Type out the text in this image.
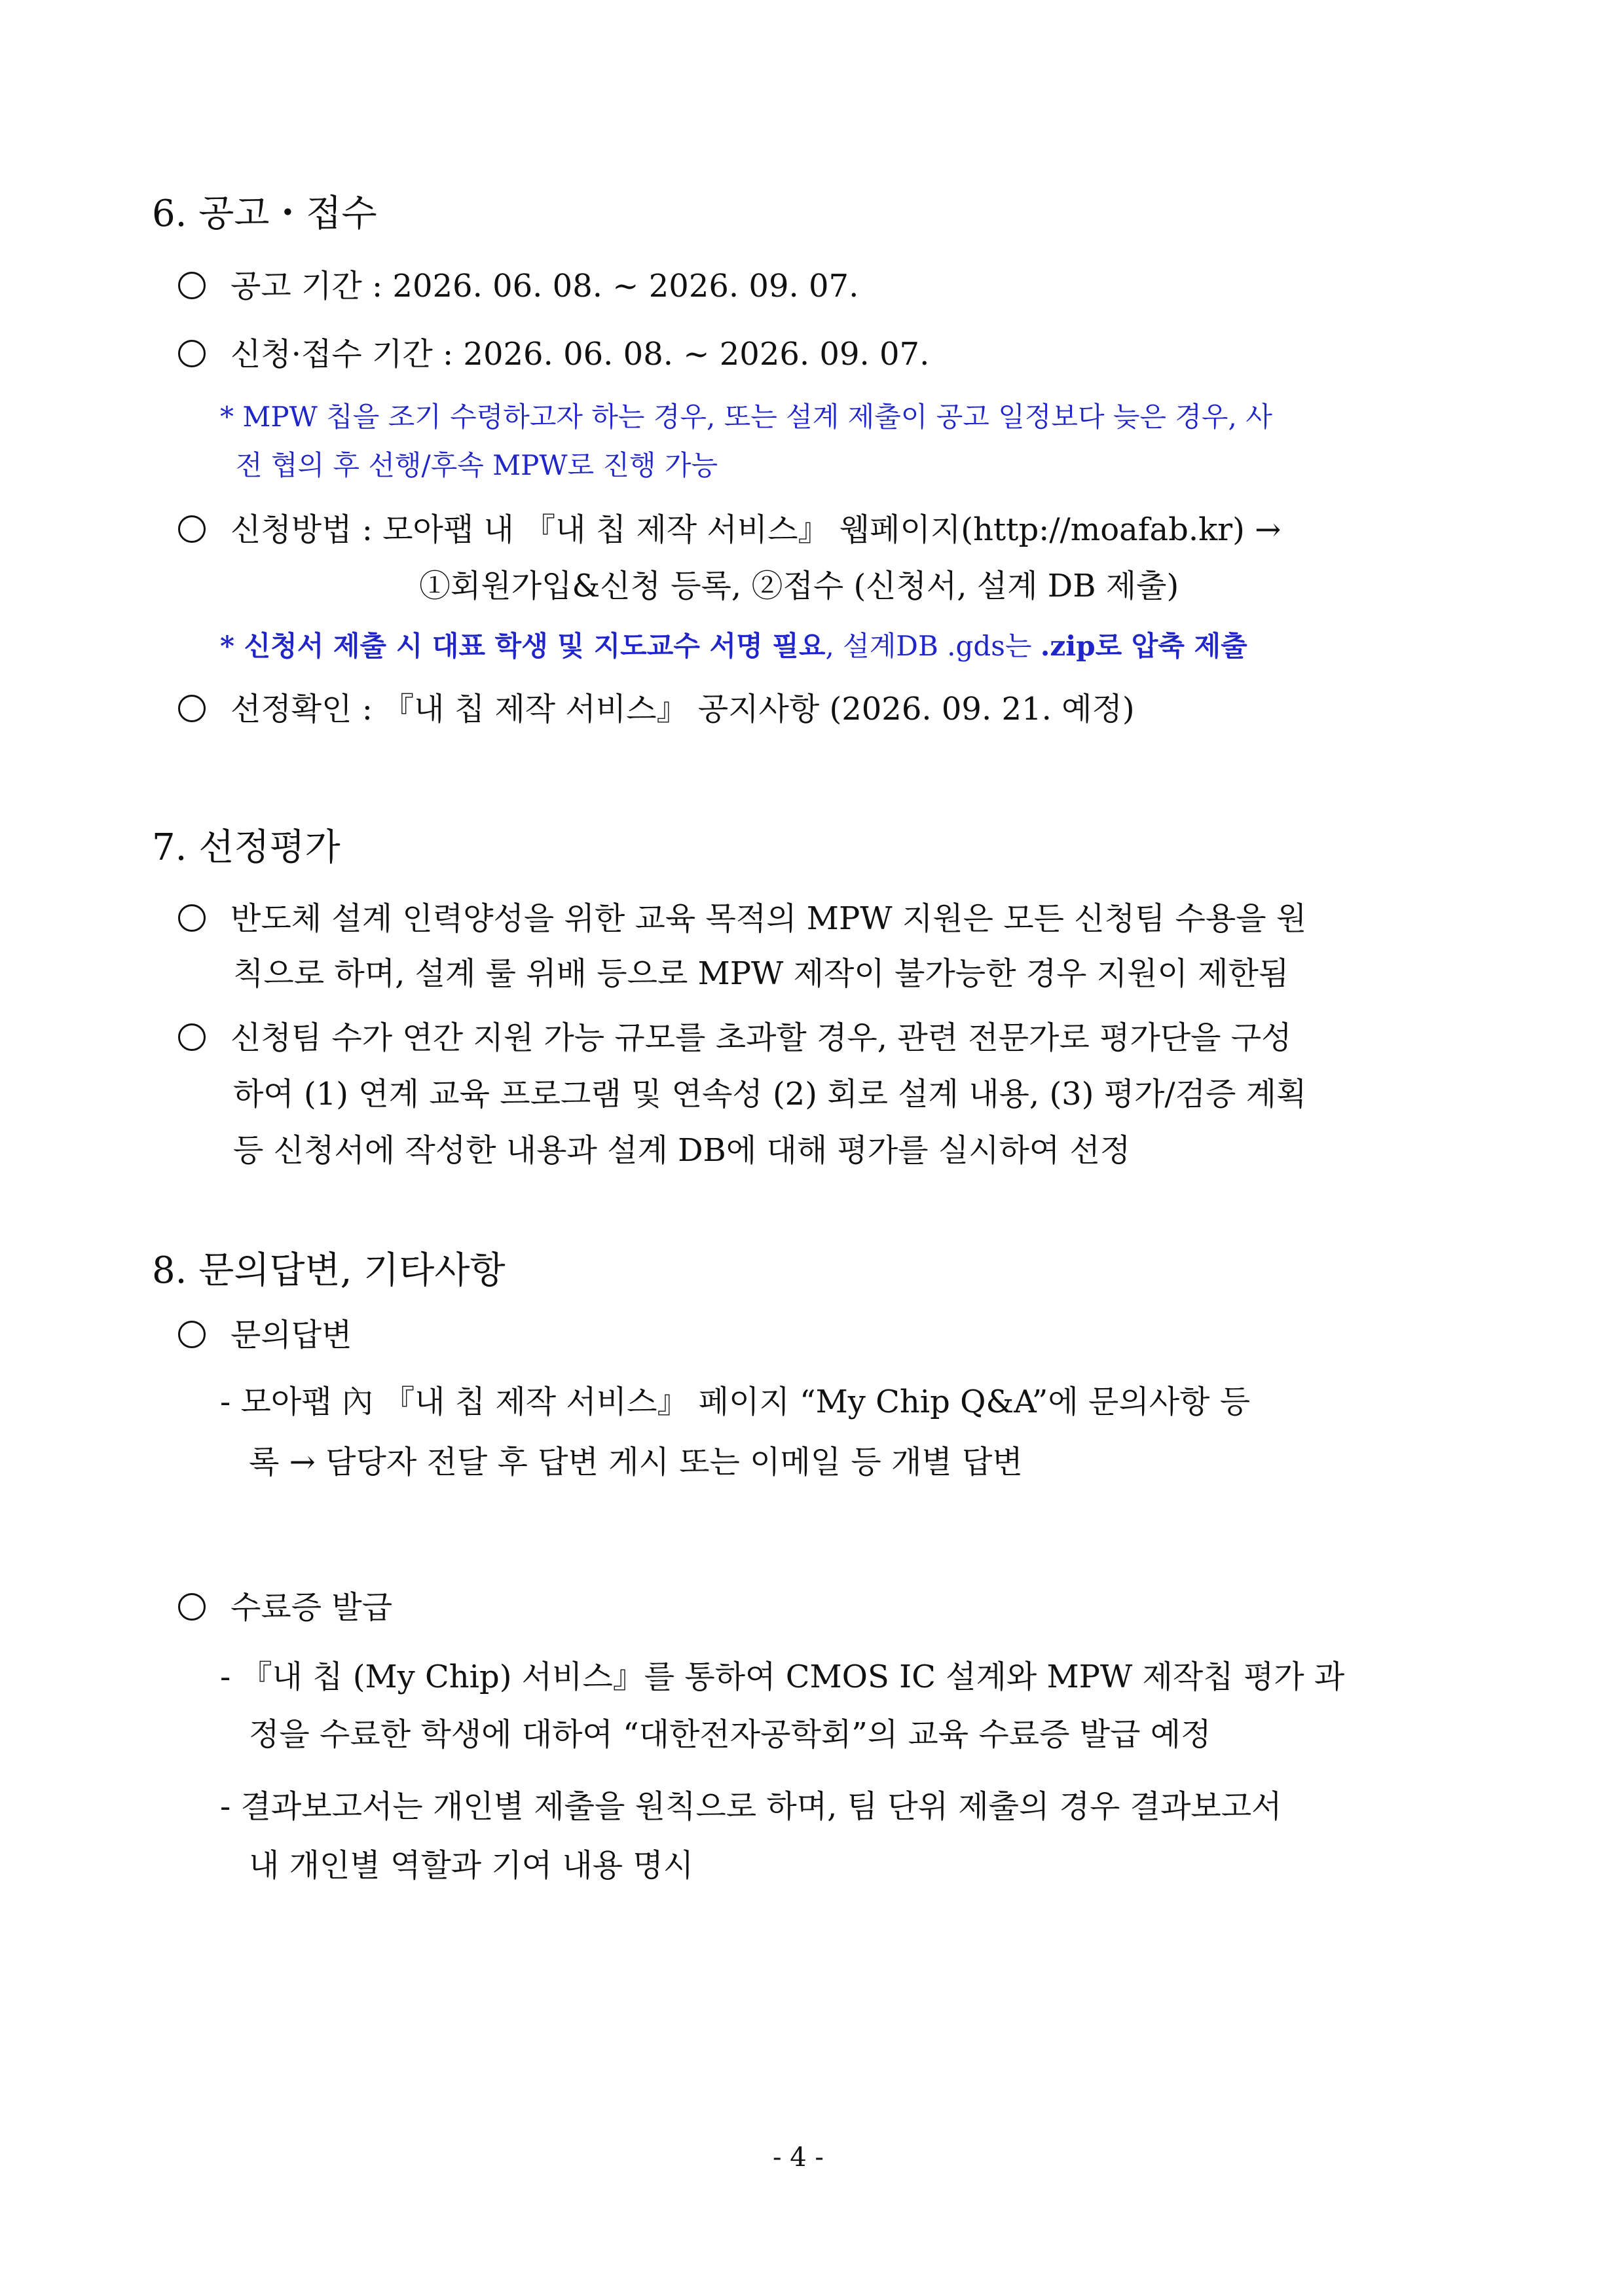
6. 공고・접수
공고 기간 : 2026. 06. 08. ~ 2026. 09. 07.
신청·접수 기간 : 2026. 06. 08. ~ 2026. 09. 07.
* MPW 칩을 조기 수령하고자 하는 경우, 또는 설계 제출이 공고 일정보다 늦은 경우, 사
전 협의 후 선행/후속 MPW로 진행 가능
신청방법 : 모아팹 내 『내 칩 제작 서비스』 웹페이지(http://moafab.kr) →
①회원가입&신청 등록, ②접수 (신청서, 설계 DB 제출)
* 신청서 제출 시 대표 학생 및 지도교수 서명 필요, 설계DB .gds는 .zip로 압축 제출
선정확인 : 『내 칩 제작 서비스』 공지사항 (2026. 09. 21. 예정)
7. 선정평가
반도체 설계 인력양성을 위한 교육 목적의 MPW 지원은 모든 신청팀 수용을 원
칙으로 하며, 설계 룰 위배 등으로 MPW 제작이 불가능한 경우 지원이 제한됨
신청팀 수가 연간 지원 가능 규모를 초과할 경우, 관련 전문가로 평가단을 구성
하여 (1) 연계 교육 프로그램 및 연속성 (2) 회로 설계 내용, (3) 평가/검증 계획
등 신청서에 작성한 내용과 설계 DB에 대해 평가를 실시하여 선정
8. 문의답변, 기타사항
문의답변
- 모아팹 內 『내 칩 제작 서비스』 페이지 “My Chip Q&A”에 문의사항 등
록 → 담당자 전달 후 답변 게시 또는 이메일 등 개별 답변
수료증 발급
- 『내 칩 (My Chip) 서비스』를 통하여 CMOS IC 설계와 MPW 제작칩 평가 과
정을 수료한 학생에 대하여 “대한전자공학회”의 교육 수료증 발급 예정
- 결과보고서는 개인별 제출을 원칙으로 하며, 팀 단위 제출의 경우 결과보고서
내 개인별 역할과 기여 내용 명시
- 4 -
